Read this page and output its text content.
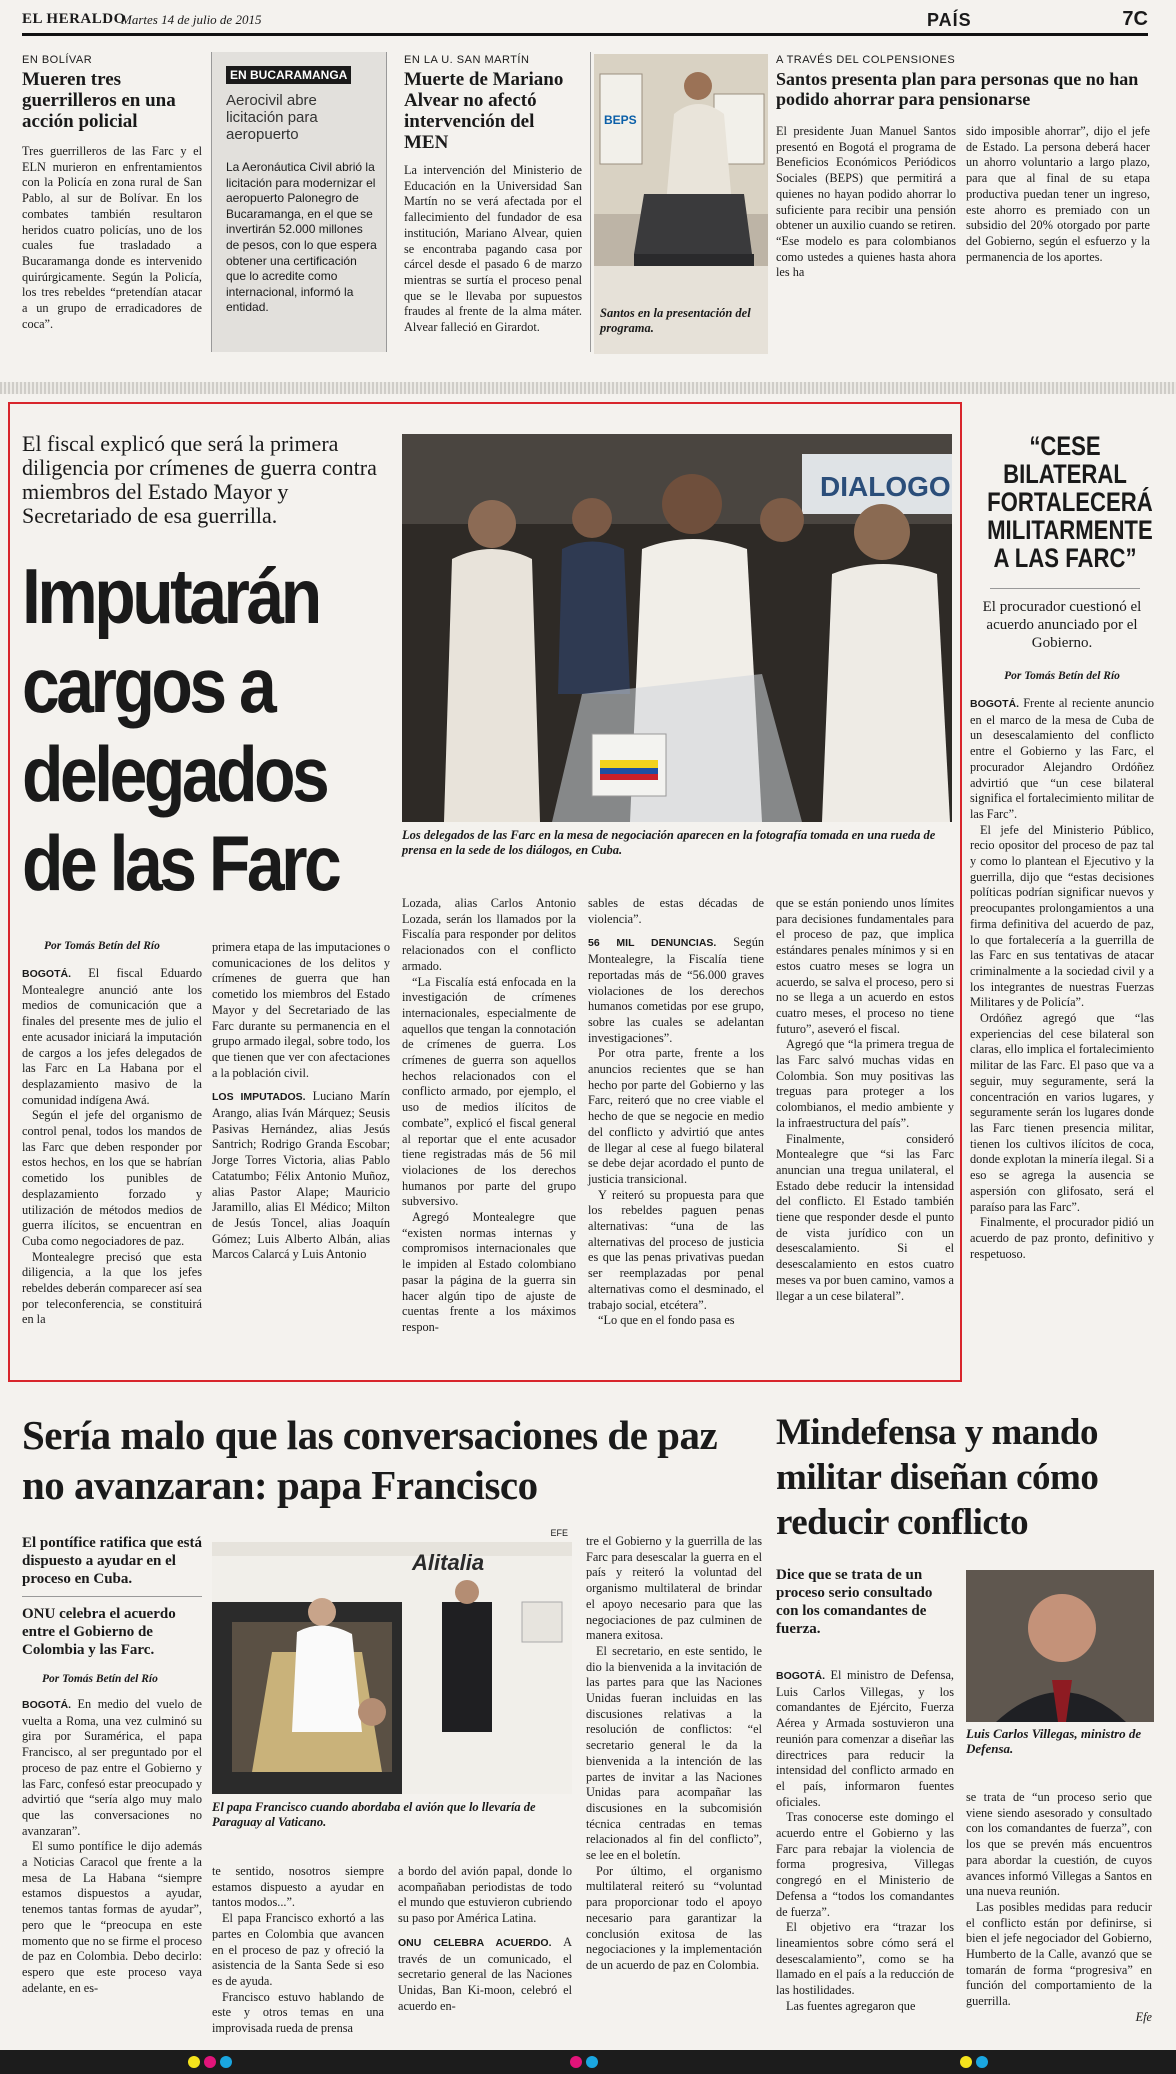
EL HERALDO
Martes 14 de julio de 2015	PAÍS	7C
EN BOLÍVAR
Mueren tres guerrilleros en una acción policial

Tres guerrilleros de las Farc y el ELN murieron en enfrentamientos con la Policía en zona rural de San Pablo, al sur de Bolívar. En los combates también resultaron heridos cuatro policías, uno de los cuales fue trasladado a Bucaramanga donde es intervenido quirúrgicamente. Según la Policía, los tres rebeldes “pretendían atacar a un grupo de erradicadores de coca”.

EN BUCARAMANGA
Aerocivil abre licitación para aeropuerto
La Aeronáutica Civil abrió la licitación para modernizar el aeropuerto Palonegro de Bucaramanga, en el que se invertirán 52.000 millones de pesos, con lo que espera obtener una certificación que lo acredite como internacional, informó la entidad.
EN LA U. SAN MARTÍN
Muerte de Mariano Alvear no afectó intervención del MEN

La intervención del Ministerio de Educación en la Universidad San Martín no se verá afectada por el fallecimiento del fundador de esa institución, Mariano Alvear, quien se encontraba pagando casa por cárcel desde el pasado 6 de marzo mientras se surtía el proceso penal que se le llevaba por supuestos fraudes al frente de la alma máter. Alvear falleció en Girardot.

BEPS
Santos en la presentación del programa.
A TRAVÉS DEL COLPENSIONES
Santos presenta plan para personas que no han podido ahorrar para pensionarse

El presidente Juan Manuel Santos presentó en Bogotá el programa de Beneficios Económicos Periódicos Sociales (BEPS) que permitirá a quienes no hayan podido ahorrar lo suficiente para recibir una pensión obtener un auxilio cuando se retiren. “Ese modelo es para colombianos como ustedes a quienes hasta ahora les ha

sido imposible ahorrar”, dijo el jefe de Estado. La persona deberá hacer un ahorro voluntario a largo plazo, para que al final de su etapa productiva puedan tener un ingreso, este ahorro es premiado con un subsidio del 20% otorgado por parte del Gobierno, según el esfuerzo y la permanencia de los aportes.

El fiscal explicó que será la primera diligencia por crímenes de guerra contra miembros del Estado Mayor y Secretariado de esa guerrilla.
Imputarán cargos a delegados de las Farc
DIALOGO
Los delegados de las Farc en la mesa de negociación aparecen en la fotografía tomada en una rueda de prensa en la sede de los diálogos, en Cuba.
Por Tomás Betín del Río

BOGOTÁ. El fiscal Eduardo Montealegre anunció ante los medios de comunicación que a finales del presente mes de julio el ente acusador iniciará la imputación de cargos a los jefes delegados de las Farc en La Habana por el desplazamiento masivo de la comunidad indígena Awá.

Según el jefe del organismo de control penal, todos los mandos de las Farc que deben responder por estos hechos, en los que se habrían cometido los punibles de desplazamiento forzado y utilización de métodos medios de guerra ilícitos, se encuentran en Cuba como negociadores de paz.

Montealegre precisó que esta diligencia, a la que los jefes rebeldes deberán comparecer así sea por teleconferencia, se constituirá en la

primera etapa de las imputaciones o comunicaciones de los delitos y crímenes de guerra que han cometido los miembros del Estado Mayor y del Secretariado de las Farc durante su permanencia en el grupo armado ilegal, sobre todo, los que tienen que ver con afectaciones a la población civil.

LOS IMPUTADOS. Luciano Marín Arango, alias Iván Márquez; Seusis Pasivas Hernández, alias Jesús Santrich; Rodrigo Granda Escobar; Jorge Torres Victoria, alias Pablo Catatumbo; Félix Antonio Muñoz, alias Pastor Alape; Mauricio Jaramillo, alias El Médico; Milton de Jesús Toncel, alias Joaquín Gómez; Luis Alberto Albán, alias Marcos Calarcá y Luis Antonio

Lozada, alias Carlos Antonio Lozada, serán los llamados por la Fiscalía para responder por delitos relacionados con el conflicto armado.

“La Fiscalía está enfocada en la investigación de crímenes internacionales, especialmente de aquellos que tengan la connotación de crímenes de guerra. Los crímenes de guerra son aquellos hechos relacionados con el conflicto armado, por ejemplo, el uso de medios ilícitos de combate”, explicó el fiscal general al reportar que el ente acusador tiene registradas más de 56 mil violaciones de los derechos humanos por parte del grupo subversivo.

Agregó Montealegre que “existen normas internas y compromisos internacionales que le impiden al Estado colombiano pasar la página de la guerra sin hacer algún tipo de ajuste de cuentas frente a los máximos respon-

sables de estas décadas de violencia”.

56 MIL DENUNCIAS. Según Montealegre, la Fiscalía tiene reportadas más de “56.000 graves violaciones de los derechos humanos cometidas por ese grupo, sobre las cuales se adelantan investigaciones”.

Por otra parte, frente a los anuncios recientes que se han hecho por parte del Gobierno y las Farc, reiteró que no cree viable el hecho de que se negocie en medio del conflicto y advirtió que antes de llegar al cese al fuego bilateral se debe dejar acordado el punto de justicia transicional.

Y reiteró su propuesta para que los rebeldes paguen penas alternativas: “una de las alternativas del proceso de justicia es que las penas privativas puedan ser reemplazadas por penal alternativas como el desminado, el trabajo social, etcétera”.

“Lo que en el fondo pasa es

que se están poniendo unos límites para decisiones fundamentales para el proceso de paz, que implica estándares penales mínimos y si en estos cuatro meses se logra un acuerdo, se salva el proceso, pero si no se llega a un acuerdo en estos cuatro meses, el proceso no tiene futuro”, aseveró el fiscal.

Agregó que “la primera tregua de las Farc salvó muchas vidas en Colombia. Son muy positivas las treguas para proteger a los colombianos, el medio ambiente y la infraestructura del país”.

Finalmente, consideró Montealegre que “si las Farc anuncian una tregua unilateral, el Estado debe reducir la intensidad del conflicto. El Estado también tiene que responder desde el punto de vista jurídico con un desescalamiento. Si el desescalamiento en estos cuatro meses va por buen camino, vamos a llegar a un cese bilateral”.

“CESE BILATERAL FORTALECERÁ MILITARMENTE A LAS FARC”
El procurador cuestionó el acuerdo anunciado por el Gobierno.
Por Tomás Betín del Río

BOGOTÁ. Frente al reciente anuncio en el marco de la mesa de Cuba de un desescalamiento del conflicto entre el Gobierno y las Farc, el procurador Alejandro Ordóñez advirtió que “un cese bilateral significa el fortalecimiento militar de las Farc”.

El jefe del Ministerio Público, recio opositor del proceso de paz tal y como lo plantean el Ejecutivo y la guerrilla, dijo que “estas decisiones políticas podrían significar nuevos y preocupantes prolongamientos a una firma definitiva del acuerdo de paz, lo que fortalecería a la guerrilla de las Farc en sus tentativas de atacar criminalmente a la sociedad civil y a los integrantes de nuestras Fuerzas Militares y de Policía”.

Ordóñez agregó que “las experiencias del cese bilateral son claras, ello implica el fortalecimiento militar de las Farc. El paso que va a seguir, muy seguramente, será la concentración en varios lugares, y seguramente serán los lugares donde las Farc tienen presencia militar, tienen los cultivos ilícitos de coca, donde explotan la minería ilegal. Si a eso se agrega la ausencia se aspersión con glifosato, será el paraíso para las Farc”.

Finalmente, el procurador pidió un acuerdo de paz pronto, definitivo y respetuoso.

Sería malo que las conversaciones de paz no avanzaran: papa Francisco
El pontífice ratifica que está dispuesto a ayudar en el proceso en Cuba.
ONU celebra el acuerdo entre el Gobierno de Colombia y las Farc.
Por Tomás Betín del Río

BOGOTÁ. En medio del vuelo de vuelta a Roma, una vez culminó su gira por Suramérica, el papa Francisco, al ser preguntado por el proceso de paz entre el Gobierno y las Farc, confesó estar preocupado y advirtió que “sería algo muy malo que las conversaciones no avanzaran”.

El sumo pontífice le dijo además a Noticias Caracol que frente a la mesa de La Habana “siempre estamos dispuestos a ayudar, tenemos tantas formas de ayudar”, pero que le “preocupa en este momento que no se firme el proceso de paz en Colombia. Debo decirlo: espero que este proceso vaya adelante, en es-

Alitalia
EFE
El papa Francisco cuando abordaba el avión que lo llevaría de Paraguay al Vaticano.

te sentido, nosotros siempre estamos dispuesto a ayudar en tantos modos...”.

El papa Francisco exhortó a las partes en Colombia que avancen en el proceso de paz y ofreció la asistencia de la Santa Sede si eso es de ayuda.

Francisco estuvo hablando de este y otros temas en una improvisada rueda de prensa

a bordo del avión papal, donde lo acompañaban periodistas de todo el mundo que estuvieron cubriendo su paso por América Latina.

ONU CELEBRA ACUERDO. A través de un comunicado, el secretario general de las Naciones Unidas, Ban Ki-moon, celebró el acuerdo en-

tre el Gobierno y la guerrilla de las Farc para desescalar la guerra en el país y reiteró la voluntad del organismo multilateral de brindar el apoyo necesario para que las negociaciones de paz culminen de manera exitosa.

El secretario, en este sentido, le dio la bienvenida a la invitación de las partes para que las Naciones Unidas fueran incluidas en las discusiones relativas a la resolución de conflictos: “el secretario general le da la bienvenida a la intención de las partes de invitar a las Naciones Unidas para acompañar las discusiones en la subcomisión técnica centradas en temas relacionados al fin del conflicto”, se lee en el boletín.

Por último, el organismo multilateral reiteró su “voluntad para proporcionar todo el apoyo necesario para garantizar la conclusión exitosa de las negociaciones y la implementación de un acuerdo de paz en Colombia.

Mindefensa y mando militar diseñan cómo reducir conflicto
Dice que se trata de un proceso serio consultado con los comandantes de fuerza.

BOGOTÁ. El ministro de Defensa, Luis Carlos Villegas, y los comandantes de Ejército, Fuerza Aérea y Armada sostuvieron una reunión para comenzar a diseñar las directrices para reducir la intensidad del conflicto armado en el país, informaron fuentes oficiales.

Tras conocerse este domingo el acuerdo entre el Gobierno y las Farc para rebajar la violencia de forma progresiva, Villegas congregó en el Ministerio de Defensa a “todos los comandantes de fuerza”.

El objetivo era “trazar los lineamientos sobre cómo será el desescalamiento”, como se ha llamado en el país a la reducción de las hostilidades.

Las fuentes agregaron que

Luis Carlos Villegas, ministro de Defensa.

se trata de “un proceso serio que viene siendo asesorado y consultado con los comandantes de fuerza”, con los que se prevén más encuentros para abordar la cuestión, de cuyos avances informó Villegas a Santos en una nueva reunión.

Las posibles medidas para reducir el conflicto están por definirse, si bien el jefe negociador del Gobierno, Humberto de la Calle, avanzó que se tomarán de forma “progresiva” en función del comportamiento de la guerrilla.

Efe
